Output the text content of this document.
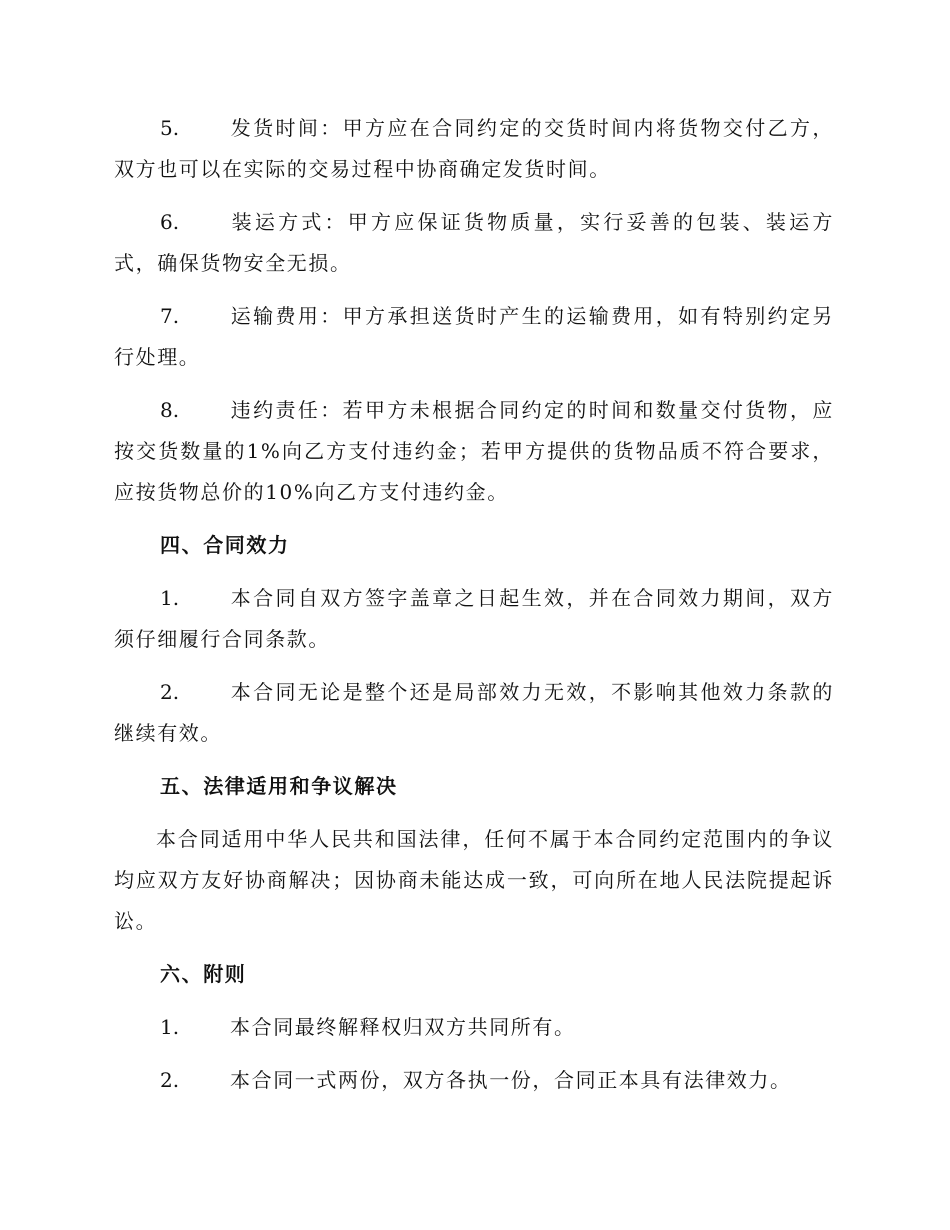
5.	发货时间：甲方应在合同约定的交货时间内将货物交付乙方，双方也可以在实际的交易过程中协商确定发货时间。

6.	装运方式：甲方应保证货物质量，实行妥善的包装、装运方式，确保货物安全无损。

7.	运输费用：甲方承担送货时产生的运输费用，如有特别约定另行处理。

8.	违约责任：若甲方未根据合同约定的时间和数量交付货物，应按交货数量的1%向乙方支付违约金；若甲方提供的货物品质不符合要求，应按货物总价的10%向乙方支付违约金。

四、合同效力

1.	本合同自双方签字盖章之日起生效，并在合同效力期间，双方须仔细履行合同条款。

2.	本合同无论是整个还是局部效力无效，不影响其他效力条款的继续有效。

五、法律适用和争议解决

本合同适用中华人民共和国法律，任何不属于本合同约定范围内的争议均应双方友好协商解决；因协商未能达成一致，可向所在地人民法院提起诉讼。

六、附则

1.	本合同最终解释权归双方共同所有。

2.	本合同一式两份，双方各执一份，合同正本具有法律效力。
